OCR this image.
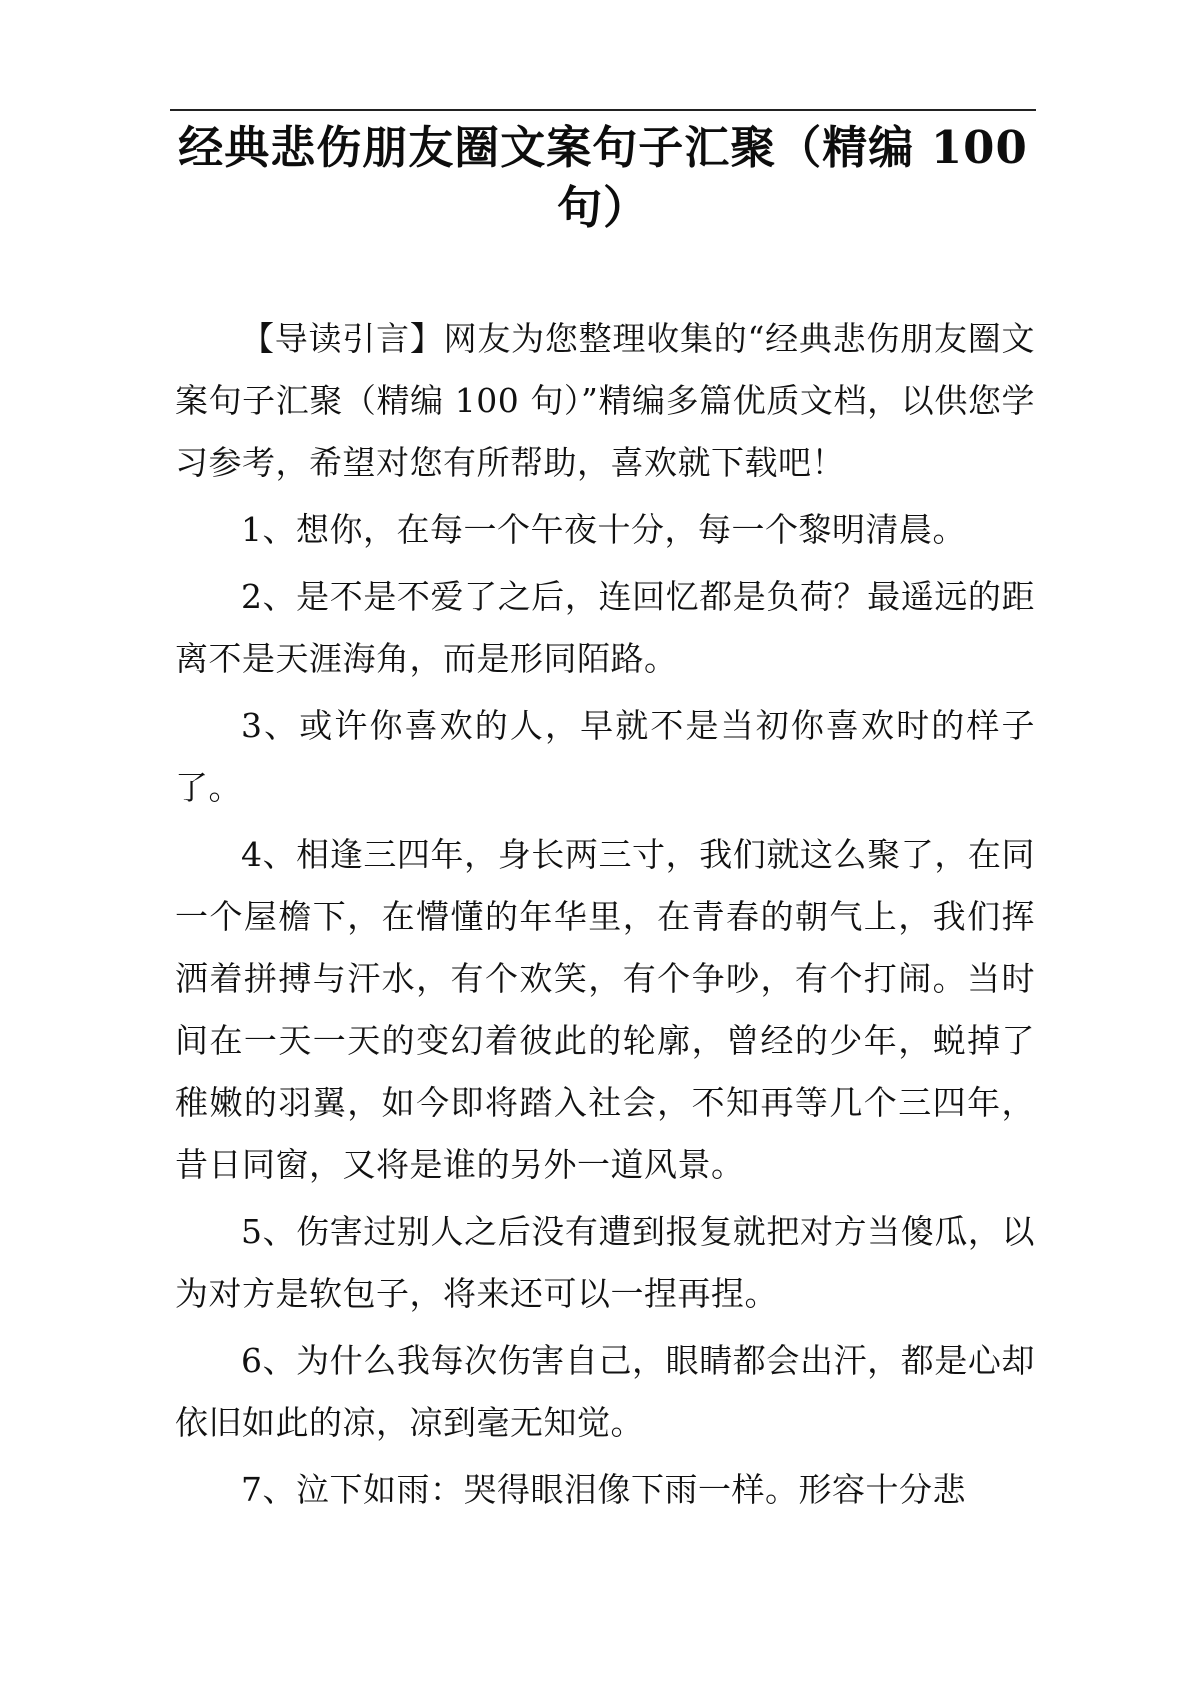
经典悲伤朋友圈文案句子汇聚（精编 100 句）

【导读引言】网友为您整理收集的“经典悲伤朋友圈文案句子汇聚（精编 100 句）”精编多篇优质文档，以供您学习参考，希望对您有所帮助，喜欢就下载吧！

1、想你，在每一个午夜十分，每一个黎明清晨。

2、是不是不爱了之后，连回忆都是负荷？最遥远的距离不是天涯海角，而是形同陌路。

3、或许你喜欢的人，早就不是当初你喜欢时的样子了。

4、相逢三四年，身长两三寸，我们就这么聚了，在同一个屋檐下，在懵懂的年华里，在青春的朝气上，我们挥洒着拼搏与汗水，有个欢笑，有个争吵，有个打闹。当时间在一天一天的变幻着彼此的轮廓，曾经的少年，蜕掉了稚嫩的羽翼，如今即将踏入社会，不知再等几个三四年，昔日同窗，又将是谁的另外一道风景。

5、伤害过别人之后没有遭到报复就把对方当傻瓜，以为对方是软包子，将来还可以一捏再捏。

6、为什么我每次伤害自己，眼睛都会出汗，都是心却依旧如此的凉，凉到毫无知觉。

7、泣下如雨：哭得眼泪像下雨一样。形容十分悲
